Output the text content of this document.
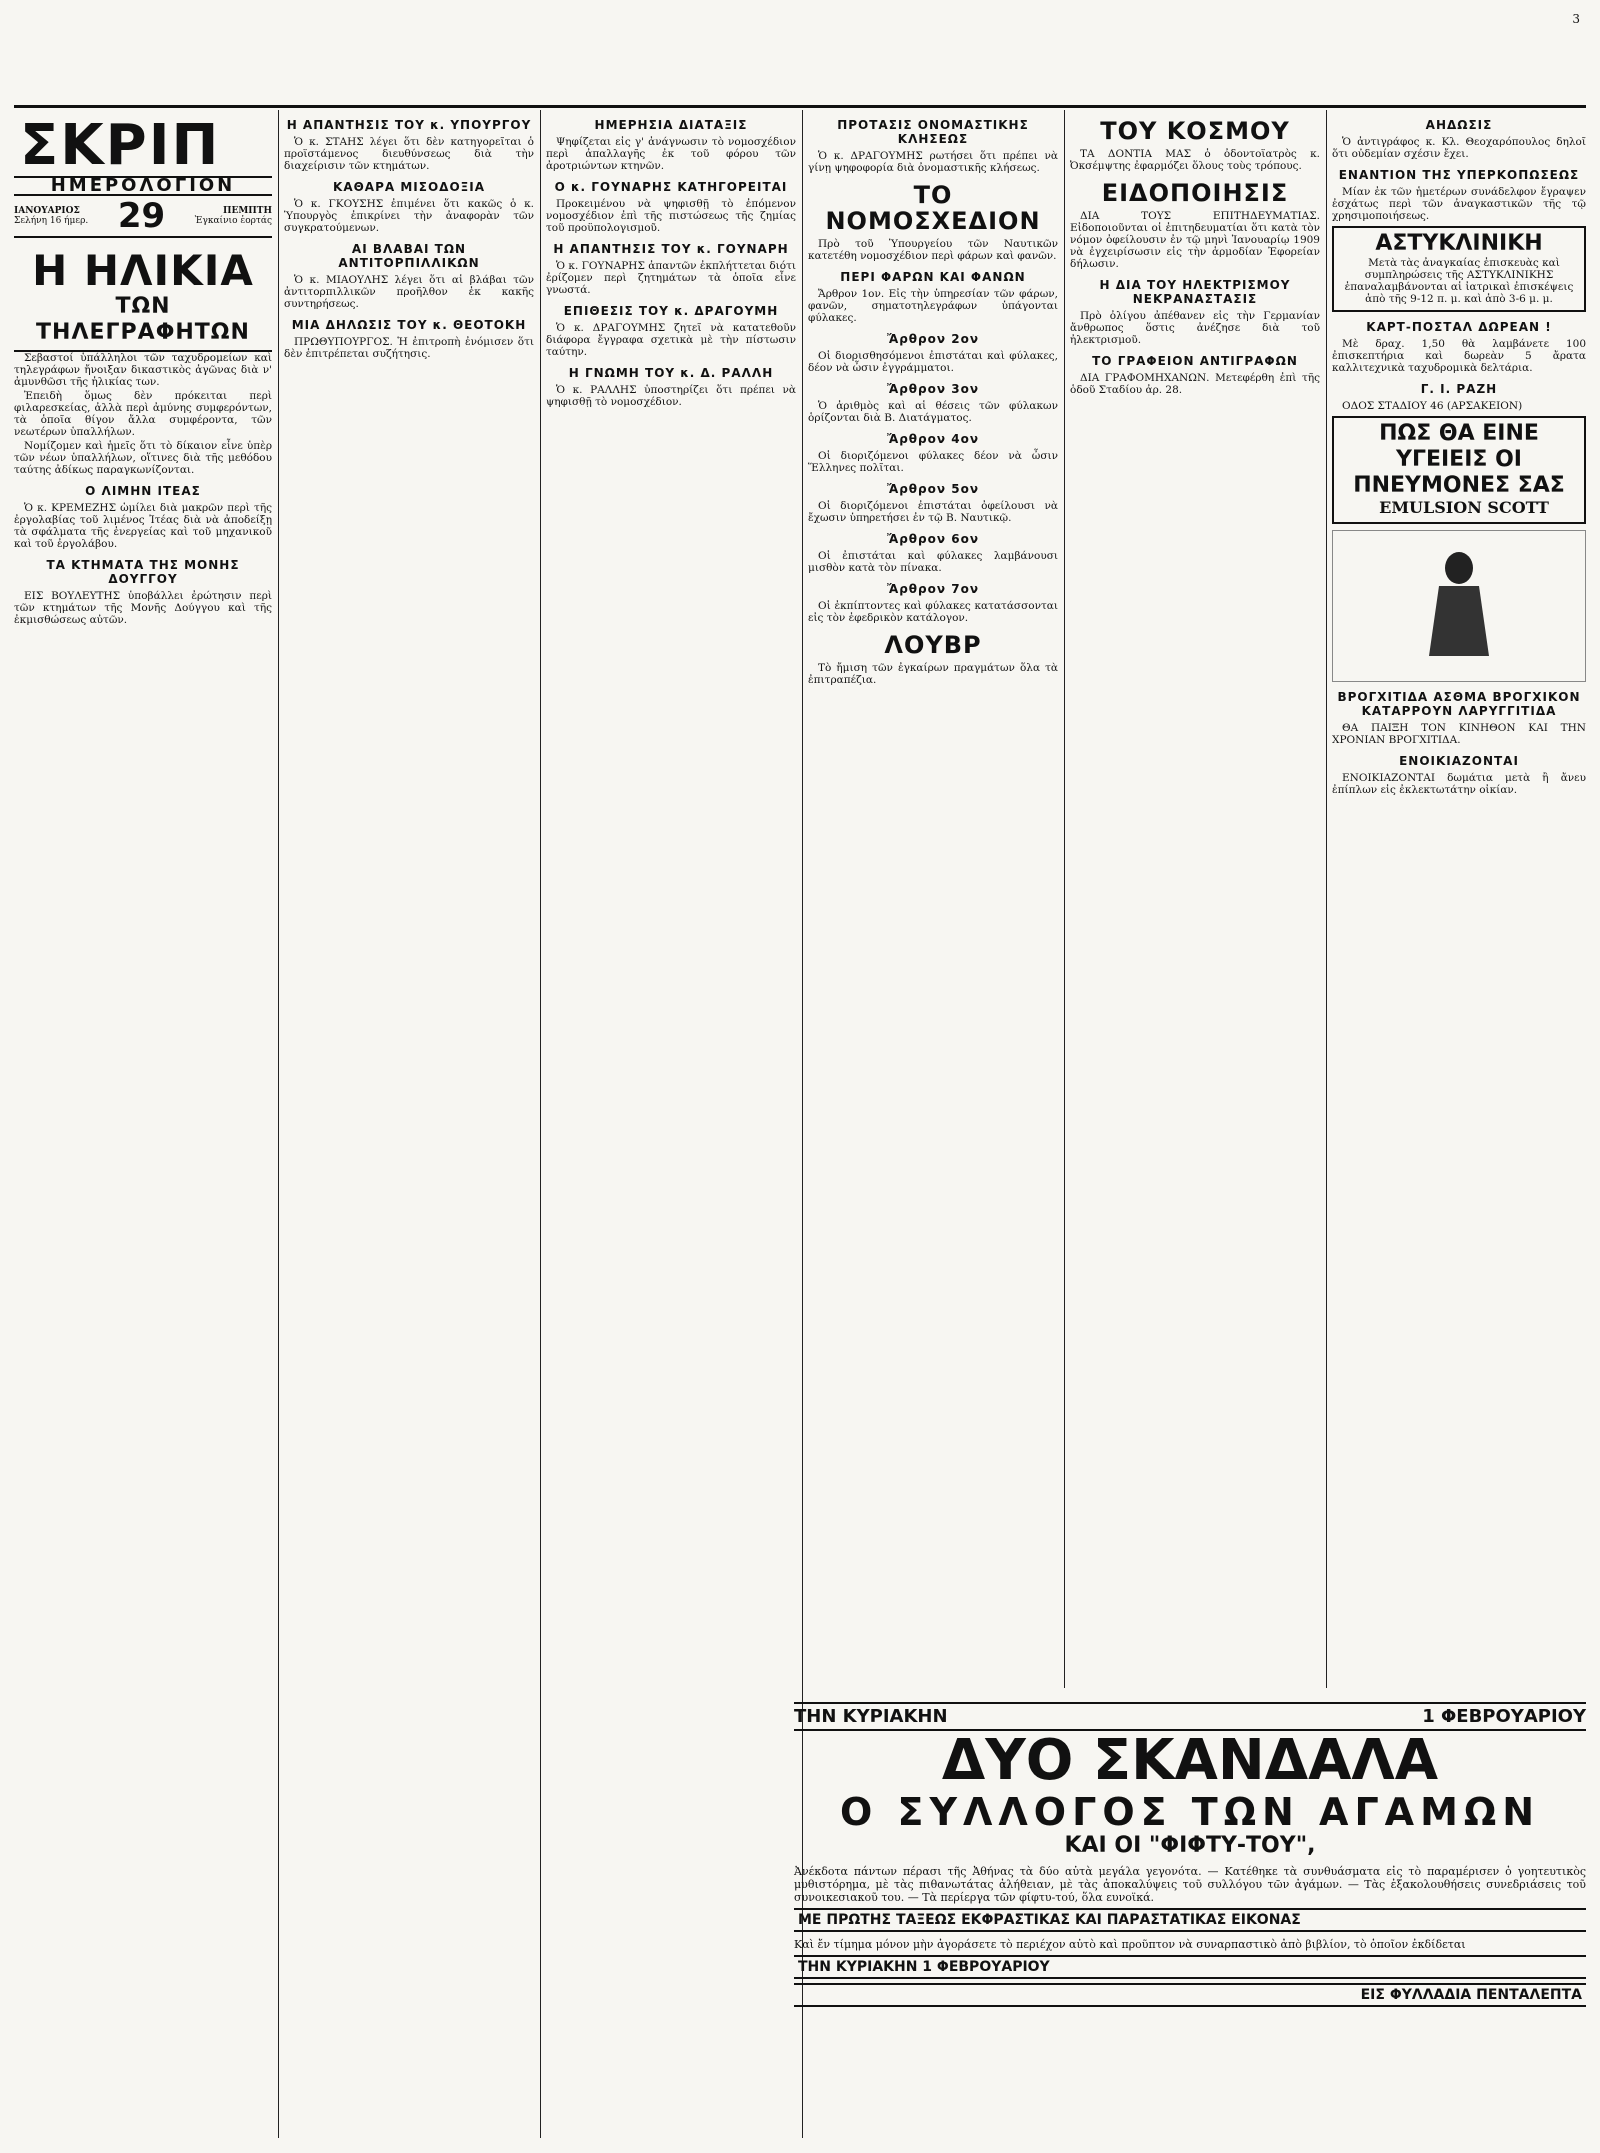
3
ΣΚΡΙΠ
ΗΜΕΡΟΛΟΓΙΟΝ
ΙΑΝΟΥΑΡΙΟΣ
Σελήνη 16 ήμερ. 29	ΠΕΜΠΤΗ
Ἐγκαίνιο ἑορτάς
Η ΗΛΙΚΙΑ
ΤΩΝ ΤΗΛΕΓΡΑΦΗΤΩΝ

Σεβαστοί ὑπάλληλοι τῶν ταχυδρομείων καὶ τηλεγράφων ἤνοιξαν δικαστικὸς ἀγῶνας διὰ ν' ἀμυνθῶσι τῆς ἡλικίας των.

Ἐπειδὴ ὅμως δὲν πρόκειται περὶ φιλαρεσκείας, ἀλλὰ περὶ ἀμύνης συμφερόντων, τὰ ὁποῖα θίγον ἄλλα συμφέροντα, τῶν νεωτέρων ὑπαλλήλων.

Νομίζομεν καὶ ἡμεῖς ὅτι τὸ δίκαιον εἶνε ὑπὲρ τῶν νέων ὑπαλλήλων, οἵτινες διὰ τῆς μεθόδου ταύτης ἀδίκως παραγκωνίζονται.

Ο ΛΙΜΗΝ ΙΤΕΑΣ

Ὁ κ. ΚΡΕΜΕΖΗΣ ὡμίλει διὰ μακρῶν περὶ τῆς ἐργολαβίας τοῦ λιμένος Ἰτέας διὰ νὰ ἀποδείξῃ τὰ σφάλματα τῆς ἐνεργείας καὶ τοῦ μηχανικοῦ καὶ τοῦ ἐργολάβου.

ΤΑ ΚΤΗΜΑΤΑ ΤΗΣ ΜΟΝΗΣ ΔΟΥΓΓΟΥ

ΕΙΣ ΒΟΥΛΕΥΤΗΣ ὑποβάλλει ἐρώτησιν περὶ τῶν κτημάτων τῆς Μονῆς Δούγγου καὶ τῆς ἐκμισθώσεως αὐτῶν.

Η ΑΠΑΝΤΗΣΙΣ ΤΟΥ κ. ΥΠΟΥΡΓΟΥ

Ὁ κ. ΣΤΑΗΣ λέγει ὅτι δὲν κατηγορεῖται ὁ προϊστάμενος διευθύνσεως διὰ τὴν διαχείρισιν τῶν κτημάτων.

ΚΑΘΑΡΑ ΜΙΣΟΔΟΞΙΑ

Ὁ κ. ΓΚΟΥΣΗΣ ἐπιμένει ὅτι κακῶς ὁ κ. Ὑπουργὸς ἐπικρίνει τὴν ἀναφορὰν τῶν συγκρατούμενων.

ΑΙ ΒΛΑΒΑΙ ΤΩΝ ΑΝΤΙΤΟΡΠΙΛΛΙΚΩΝ

Ὁ κ. ΜΙΑΟΥΛΗΣ λέγει ὅτι αἱ βλάβαι τῶν ἀντιτορπιλλικῶν προῆλθον ἐκ κακῆς συντηρήσεως.

ΜΙΑ ΔΗΛΩΣΙΣ ΤΟΥ κ. ΘΕΟΤΟΚΗ

ΠΡΩΘΥΠΟΥΡΓΟΣ. Ἡ ἐπιτροπὴ ἐνόμισεν ὅτι δὲν ἐπιτρέπεται συζήτησις.

ΗΜΕΡΗΣΙΑ ΔΙΑΤΑΞΙΣ

Ψηφίζεται εἰς γ' ἀνάγνωσιν τὸ νομοσχέδιον περὶ ἀπαλλαγῆς ἐκ τοῦ φόρου τῶν ἀροτριώντων κτηνῶν.

Ο κ. ΓΟΥΝΑΡΗΣ ΚΑΤΗΓΟΡΕΙΤΑΙ

Προκειμένου νὰ ψηφισθῇ τὸ ἐπόμενον νομοσχέδιον ἐπὶ τῆς πιστώσεως τῆς ζημίας τοῦ προϋπολογισμοῦ.

Η ΑΠΑΝΤΗΣΙΣ ΤΟΥ κ. ΓΟΥΝΑΡΗ

Ὁ κ. ΓΟΥΝΑΡΗΣ ἀπαντῶν ἐκπλήττεται διότι ἐρίζομεν περὶ ζητημάτων τὰ ὁποῖα εἶνε γνωστά.

ΕΠΙΘΕΣΙΣ ΤΟΥ κ. ΔΡΑΓΟΥΜΗ

Ὁ κ. ΔΡΑΓΟΥΜΗΣ ζητεῖ νὰ κατατεθοῦν διάφορα ἔγγραφα σχετικὰ μὲ τὴν πίστωσιν ταύτην.

Η ΓΝΩΜΗ ΤΟΥ κ. Δ. ΡΑΛΛΗ

Ὁ κ. ΡΑΛΛΗΣ ὑποστηρίζει ὅτι πρέπει νὰ ψηφισθῇ τὸ νομοσχέδιον.

ΠΡΟΤΑΣΙΣ ΟΝΟΜΑΣΤΙΚΗΣ ΚΛΗΣΕΩΣ

Ὁ κ. ΔΡΑΓΟΥΜΗΣ ρωτήσει ὅτι πρέπει νὰ γίνῃ ψηφοφορία διὰ ὀνομαστικῆς κλήσεως.

ΤΟ ΝΟΜΟΣΧΕΔΙΟΝ

Πρὸ τοῦ Ὑπουργείου τῶν Ναυτικῶν κατετέθη νομοσχέδιον περὶ φάρων καὶ φανῶν.

ΠΕΡΙ ΦΑΡΩΝ ΚΑΙ ΦΑΝΩΝ

Ἄρθρον 1ον. Εἰς τὴν ὑπηρεσίαν τῶν φάρων, φανῶν, σηματοτηλεγράφων ὑπάγονται φύλακες.

Ἄρθρον 2ον

Οἱ διορισθησόμενοι ἐπιστάται καὶ φύλακες, δέον νὰ ὦσιν ἐγγράμματοι.

Ἄρθρον 3ον

Ὁ ἀριθμὸς καὶ αἱ θέσεις τῶν φύλακων ὁρίζονται διὰ Β. Διατάγματος.

Ἄρθρον 4ον

Οἱ διοριζόμενοι φύλακες δέον νὰ ὦσιν Ἕλληνες πολῖται.

Ἄρθρον 5ον

Οἱ διοριζόμενοι ἐπιστάται ὀφείλουσι νὰ ἔχωσιν ὑπηρετήσει ἐν τῷ Β. Ναυτικῷ.

Ἄρθρον 6ον

Οἱ ἐπιστάται καὶ φύλακες λαμβάνουσι μισθὸν κατὰ τὸν πίνακα.

Ἄρθρον 7ον

Οἱ ἐκπίπτοντες καὶ φύλακες κατατάσσονται εἰς τὸν ἐφεδρικὸν κατάλογον.

ΛΟΥΒΡ

Τὸ ἤμιση τῶν ἐγκαίρων πραγμάτων ὅλα τὰ ἐπιτραπέζια.

ΤΟΥ ΚΟΣΜΟΥ

ΤΑ ΔΟΝΤΙΑ ΜΑΣ ὁ ὀδοντοϊατρὸς κ. Ὀκσέμψτης ἐφαρμόζει ὅλους τοὺς τρόπους.

ΕΙΔΟΠΟΙΗΣΙΣ

ΔΙΑ ΤΟΥΣ ΕΠΙΤΗΔΕΥΜΑΤΙΑΣ. Εἰδοποιοῦνται οἱ ἐπιτηδευματίαι ὅτι κατὰ τὸν νόμον ὀφείλουσιν ἐν τῷ μηνὶ Ἰανουαρίῳ 1909 νὰ ἐγχειρίσωσιν εἰς τὴν ἁρμοδίαν Ἐφορείαν δήλωσιν.

Η ΔΙΑ ΤΟΥ ΗΛΕΚΤΡΙΣΜΟΥ ΝΕΚΡΑΝΑΣΤΑΣΙΣ

Πρὸ ὀλίγου ἀπέθανεν εἰς τὴν Γερμανίαν ἄνθρωπος ὅστις ἀνέζησε διὰ τοῦ ἠλεκτρισμοῦ.

ΤΟ ΓΡΑΦΕΙΟΝ ΑΝΤΙΓΡΑΦΩΝ

ΔΙΑ ΓΡΑΦΟΜΗΧΑΝΩΝ. Μετεφέρθη ἐπὶ τῆς ὁδοῦ Σταδίου ἀρ. 28.

ΑΗΔΩΣΙΣ

Ὁ ἀντιγράφος κ. Κλ. Θεοχαρόπουλος δηλοῖ ὅτι οὐδεμίαν σχέσιν ἔχει.

ΕΝΑΝΤΙΟΝ ΤΗΣ ΥΠΕΡΚΟΠΩΣΕΩΣ

Μίαν ἐκ τῶν ἡμετέρων συνάδελφον ἔγραψεν ἐσχάτως περὶ τῶν ἀναγκαστικῶν τῆς τῷ χρησιμοποιήσεως.

ΑΣΤΥΚΛΙΝΙΚΗ

Μετὰ τὰς ἀναγκαίας ἐπισκευὰς καὶ συμπληρώσεις τῆς ΑΣΤΥΚΛΙΝΙΚΗΣ ἐπαναλαμβάνονται αἱ ἰατρικαὶ ἐπισκέψεις ἀπὸ τῆς 9-12 π. μ. καὶ ἀπὸ 3-6 μ. μ.

ΚΑΡΤ-ΠΟΣΤΑΛ ΔΩΡΕΑΝ !

Μὲ δραχ. 1,50 θὰ λαμβάνετε 100 ἐπισκεπτήρια καὶ δωρεὰν 5 ἄρατα καλλιτεχνικὰ ταχυδρομικὰ δελτάρια.

Γ. Ι. ΡΑΖΗ

ΟΔΟΣ ΣΤΑΔΙΟΥ 46 (ΑΡΣΑΚΕΙΟΝ)

ΠΩΣ ΘΑ ΕΙΝΕ ΥΓΕΙΕΙΣ ΟΙ ΠΝΕΥΜΟΝΕΣ ΣΑΣ

EMULSION SCOTT

ΒΡΟΓΧΙΤΙΔΑ ΑΣΘΜΑ ΒΡΟΓΧΙΚΟΝ ΚΑΤΑΡΡΟΥΝ ΛΑΡΥΓΓΙΤΙΔΑ

ΘΑ ΠΑΙΞΗ ΤΟΝ ΚΙΝΗΘΟΝ ΚΑΙ ΤΗΝ ΧΡΟΝΙΑΝ ΒΡΟΓΧΙΤΙΔΑ.

ΕΝΟΙΚΙΑΖΟΝΤΑΙ

ΕΝΟΙΚΙΑΖΟΝΤΑΙ δωμάτια μετὰ ἢ ἄνευ ἐπίπλων εἰς ἐκλεκτωτάτην οἰκίαν.

ΤΗΝ ΚΥΡΙΑΚΗΝ	1 ΦΕΒΡΟΥΑΡΙΟΥ
ΔΥΟ ΣΚΑΝΔΑΛΑ
Ο ΣΥΛΛΟΓΟΣ ΤΩΝ ΑΓΑΜΩΝ
ΚΑΙ ΟΙ "ΦΙΦΤΥ-ΤΟΥ",
Ἀνέκδοτα πάντων πέρασι τῆς Ἀθήνας τὰ δύο αὐτὰ μεγάλα γεγονότα. — Κατέθηκε τὰ συνθυάσματα εἰς τὸ παραμέρισεν ὁ γοητευτικὸς μυθιστόρημα, μὲ τὰς πιθανωτάτας ἀλήθειαν, μὲ τὰς ἀποκαλύψεις τοῦ συλλόγου τῶν ἀγάμων. — Τὰς ἐξακολουθήσεις συνεδριάσεις τοῦ συνοικεσιακοῦ του. — Τὰ περίεργα τῶν φίφτυ-τού, ὅλα ευνοϊκά.
ΜΕ ΠΡΩΤΗΣ ΤΑΞΕΩΣ ΕΚΦΡΑΣΤΙΚΑΣ ΚΑΙ ΠΑΡΑΣΤΑΤΙΚΑΣ ΕΙΚΟΝΑΣ
Καὶ ἔν τίμημα μόνον μὴν ἀγοράσετε τὸ περιέχον αὐτὸ καὶ προῦπτον νὰ συναρπαστικὸ ἀπὸ βιβλίον, τὸ ὁποῖον ἐκδίδεται
ΤΗΝ ΚΥΡΙΑΚΗΝ 1 ΦΕΒΡΟΥΑΡΙΟΥ
ΕΙΣ ΦΥΛΛΑΔΙΑ ΠΕΝΤΑΛΕΠΤΑ
